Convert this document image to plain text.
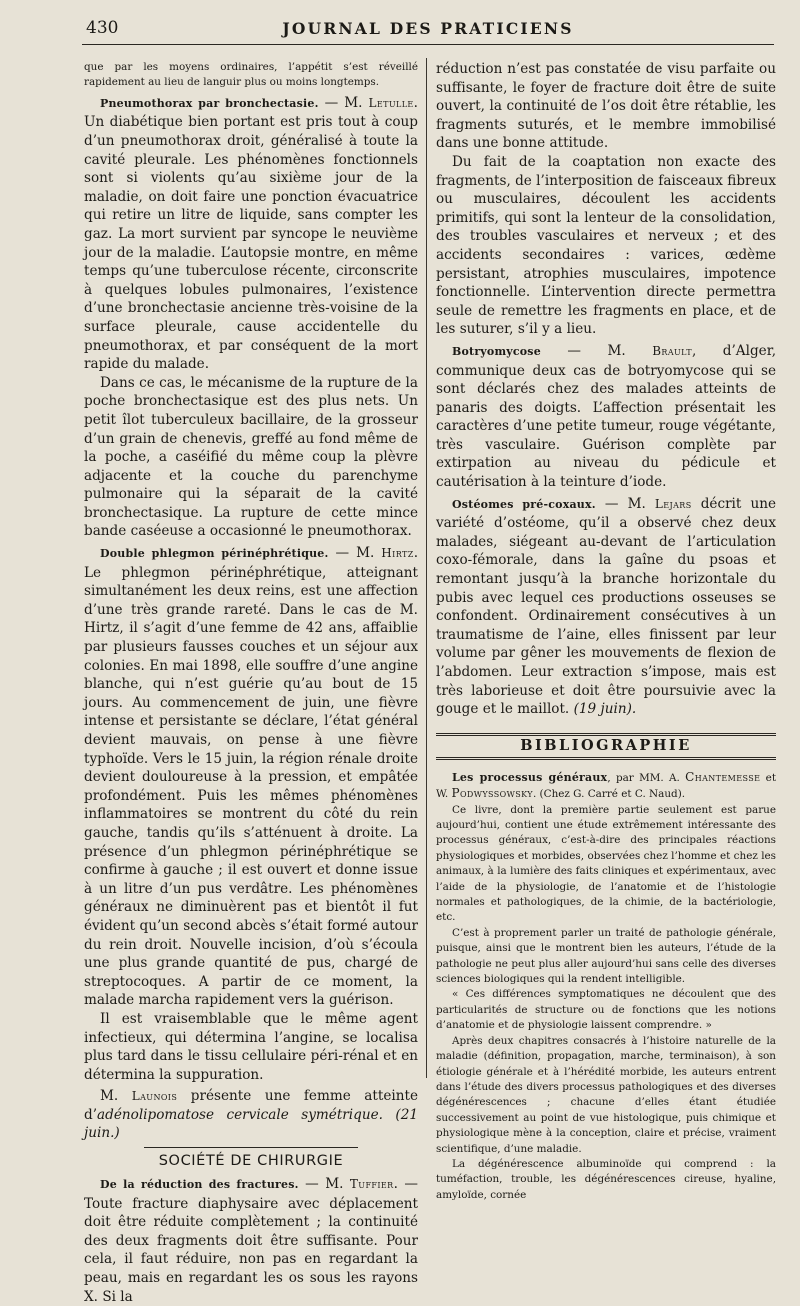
430	JOURNAL DES PRATICIENS

que par les moyens ordinaires, l’appétit s’est réveillé rapidement au lieu de languir plus ou moins longtemps.

Pneumothorax par bronchectasie. — M. Letulle. Un diabétique bien portant est pris tout à coup d’un pneumothorax droit, généralisé à toute la cavité pleurale. Les phénomènes fonctionnels sont si violents qu’au sixième jour de la maladie, on doit faire une ponction évacuatrice qui retire un litre de liquide, sans compter les gaz. La mort survient par syncope le neuvième jour de la maladie. L’autopsie montre, en même temps qu’une tuberculose récente, circonscrite à quelques lobules pulmonaires, l’existence d’une bronchectasie ancienne très-voisine de la surface pleurale, cause accidentelle du pneumothorax, et par conséquent de la mort rapide du malade.

Dans ce cas, le mécanisme de la rupture de la poche bronchectasique est des plus nets. Un petit îlot tuberculeux bacillaire, de la grosseur d’un grain de chenevis, greffé au fond même de la poche, a caséifié du même coup la plèvre adjacente et la couche du parenchyme pulmonaire qui la séparait de la cavité bronchectasique. La rupture de cette mince bande caséeuse a occasionné le pneumothorax.

Double phlegmon périnéphrétique. — M. Hirtz. Le phlegmon périnéphrétique, atteignant simultanément les deux reins, est une affection d’une très grande rareté. Dans le cas de M. Hirtz, il s’agit d’une femme de 42 ans, affaiblie par plusieurs fausses couches et un séjour aux colonies. En mai 1898, elle souffre d’une angine blanche, qui n’est guérie qu’au bout de 15 jours. Au commencement de juin, une fièvre intense et persistante se déclare, l’état général devient mauvais, on pense à une fièvre typhoïde. Vers le 15 juin, la région rénale droite devient douloureuse à la pression, et empâtée profondément. Puis les mêmes phénomènes inflammatoires se montrent du côté du rein gauche, tandis qu’ils s’atténuent à droite. La présence d’un phlegmon périnéphrétique se confirme à gauche ; il est ouvert et donne issue à un litre d’un pus verdâtre. Les phénomènes généraux ne diminuèrent pas et bientôt il fut évident qu’un second abcès s’était formé autour du rein droit. Nouvelle incision, d’où s’écoula une plus grande quantité de pus, chargé de streptocoques. A partir de ce moment, la malade marcha rapidement vers la guérison.

Il est vraisemblable que le même agent infectieux, qui détermina l’angine, se localisa plus tard dans le tissu cellulaire péri-rénal et en détermina la suppuration.

M. Launois présente une femme atteinte d’adénolipomatose cervicale symétrique. (21 juin.)

SOCIÉTÉ DE CHIRURGIE

De la réduction des fractures. — M. Tuffier. — Toute fracture diaphysaire avec déplacement doit être réduite complètement ; la continuité des deux fragments doit être suffisante. Pour cela, il faut réduire, non pas en regardant la peau, mais en regardant les os sous les rayons X. Si la

réduction n’est pas constatée de visu parfaite ou suffisante, le foyer de fracture doit être de suite ouvert, la continuité de l’os doit être rétablie, les fragments suturés, et le membre immobilisé dans une bonne attitude.

Du fait de la coaptation non exacte des fragments, de l’interposition de faisceaux fibreux ou musculaires, découlent les accidents primitifs, qui sont la lenteur de la consolidation, des troubles vasculaires et nerveux ; et des accidents secondaires : varices, œdème persistant, atrophies musculaires, impotence fonctionnelle. L’intervention directe permettra seule de remettre les fragments en place, et de les suturer, s’il y a lieu.

Botryomycose — M. Brault, d’Alger, communique deux cas de botryomycose qui se sont déclarés chez des malades atteints de panaris des doigts. L’affection présentait les caractères d’une petite tumeur, rouge végétante, très vasculaire. Guérison complète par extirpation au niveau du pédicule et cautérisation à la teinture d’iode.

Ostéomes pré-coxaux. — M. Lejars décrit une variété d’ostéome, qu’il a observé chez deux malades, siégeant au-devant de l’articulation coxo-fémorale, dans la gaîne du psoas et remontant jusqu’à la branche horizontale du pubis avec lequel ces productions osseuses se confondent. Ordinairement consécutives à un traumatisme de l’aine, elles finissent par leur volume par gêner les mouvements de flexion de l’abdomen. Leur extraction s’impose, mais est très laborieuse et doit être poursuivie avec la gouge et le maillot. (19 juin).

BIBLIOGRAPHIE

Les processus généraux, par MM. A. Chantemesse et W. Podwyssowsky. (Chez G. Carré et C. Naud).

Ce livre, dont la première partie seulement est parue aujourd’hui, contient une étude extrêmement intéressante des processus généraux, c’est-à-dire des principales réactions physiologiques et morbides, observées chez l’homme et chez les animaux, à la lumière des faits cliniques et expérimentaux, avec l’aide de la physiologie, de l’anatomie et de l’histologie normales et pathologiques, de la chimie, de la bactériologie, etc.

C’est à proprement parler un traité de pathologie générale, puisque, ainsi que le montrent bien les auteurs, l’étude de la pathologie ne peut plus aller aujourd’hui sans celle des diverses sciences biologiques qui la rendent intelligible.

« Ces différences symptomatiques ne découlent que des particularités de structure ou de fonctions que les notions d’anatomie et de physiologie laissent comprendre. »

Après deux chapitres consacrés à l’histoire naturelle de la maladie (définition, propagation, marche, terminaison), à son étiologie générale et à l’hérédité morbide, les auteurs entrent dans l’étude des divers processus pathologiques et des diverses dégénérescences ; chacune d’elles étant étudiée successivement au point de vue histologique, puis chimique et physiologique mène à la conception, claire et précise, vraiment scientifique, d’une maladie.

La dégénérescence albuminoïde qui comprend : la tuméfaction, trouble, les dégénérescences cireuse, hyaline, amyloïde, cornée
